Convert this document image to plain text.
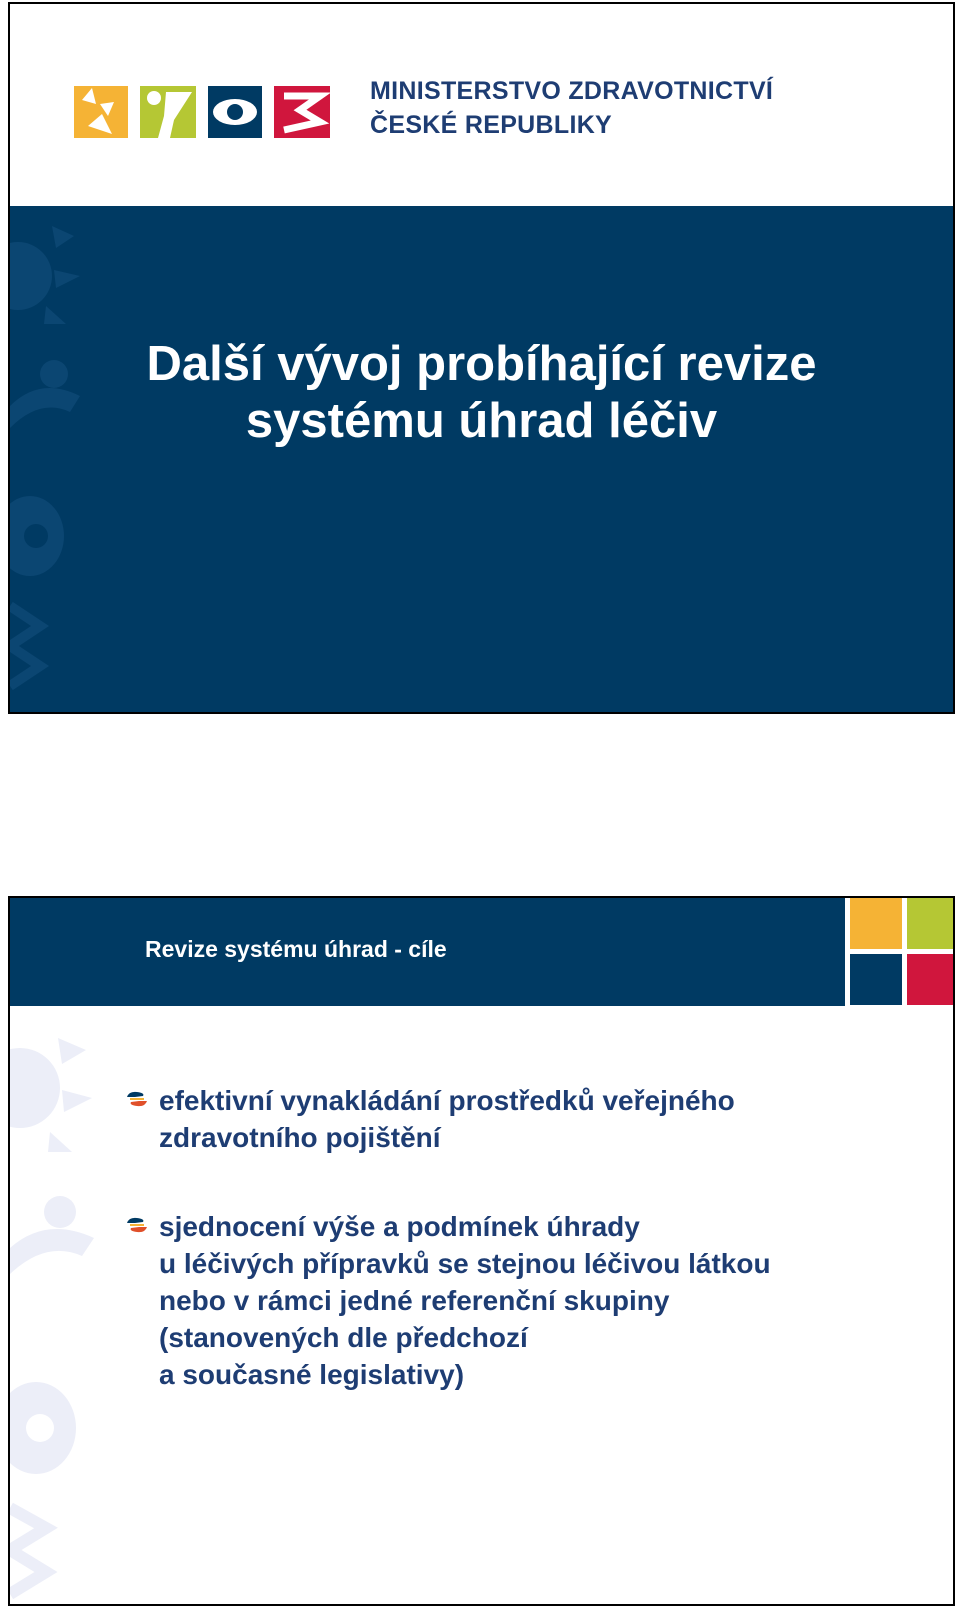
MINISTERSTVO ZDRAVOTNICTVÍ
ČESKÉ REPUBLIKY
Další vývoj probíhající revize
systému úhrad léčiv
Revize systému úhrad - cíle
efektivní vynakládání prostředků veřejného
zdravotního pojištění
sjednocení výše a podmínek úhrady
u léčivých přípravků se stejnou léčivou látkou
nebo v rámci jedné referenční skupiny
(stanovených dle předchozí
a současné legislativy)
